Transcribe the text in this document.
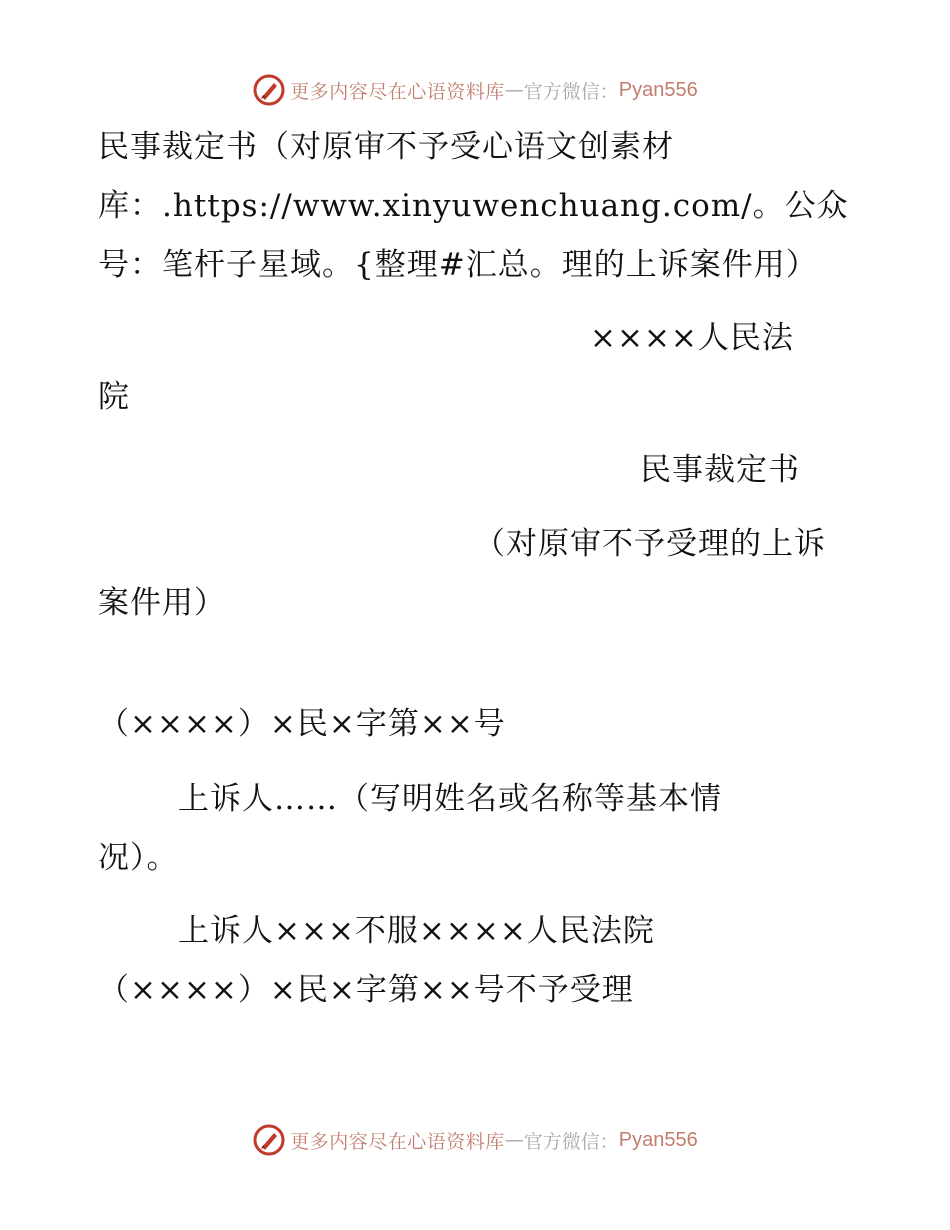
更多内容尽在心语资料库 — 官方微信： Pyan556
民事裁定书（对原审不予受心语文创素材
库：.https://www.xinyuwenchuang.com/。公众
号：笔杆子星域。{整理#汇总。理的上诉案件用）
××××人民法
院
民事裁定书
（对原审不予受理的上诉
案件用）
（××××）×民×字第××号
上诉人……（写明姓名或名称等基本情
况）。
上诉人×××不服××××人民法院
（××××）×民×字第××号不予受理
更多内容尽在心语资料库 — 官方微信： Pyan556
